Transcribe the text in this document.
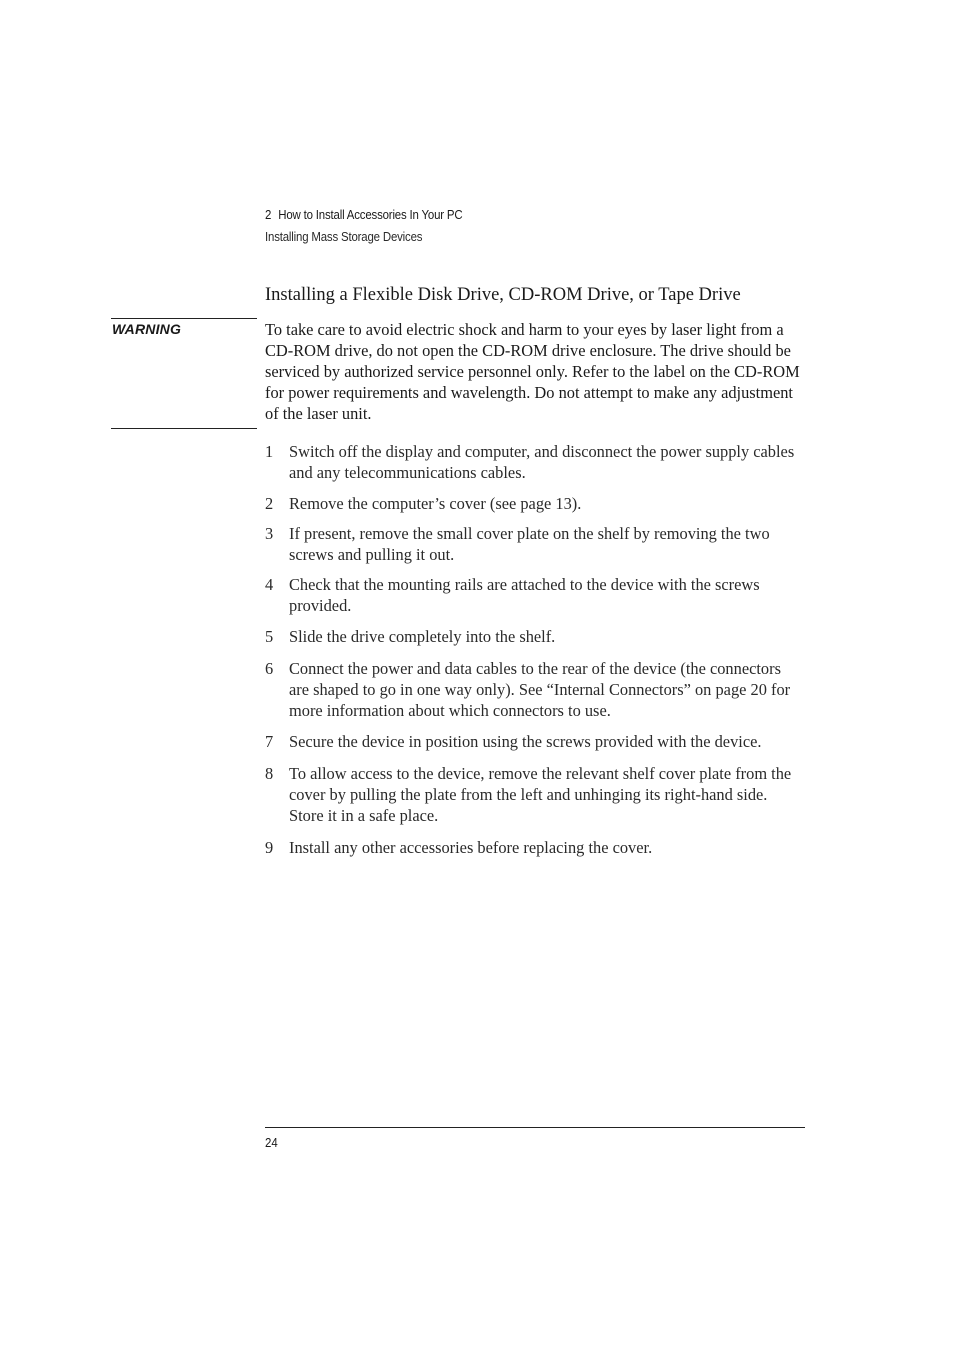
2 How to Install Accessories In Your PC
Installing Mass Storage Devices
Installing a Flexible Disk Drive, CD-ROM Drive, or Tape Drive
WARNING	To take care to avoid electric shock and harm to your eyes by laser light from a CD-ROM drive, do not open the CD-ROM drive enclosure. The drive should be serviced by authorized service personnel only. Refer to the label on the CD-ROM for power requirements and wavelength. Do not attempt to make any adjustment of the laser unit.
1 Switch off the display and computer, and disconnect the power supply cables and any telecommunications cables.
2 Remove the computer’s cover (see page 13).
3 If present, remove the small cover plate on the shelf by removing the two screws and pulling it out.
4 Check that the mounting rails are attached to the device with the screws provided.
5 Slide the drive completely into the shelf.
6 Connect the power and data cables to the rear of the device (the connectors are shaped to go in one way only). See “Internal Connectors” on page 20 for more information about which connectors to use.
7 Secure the device in position using the screws provided with the device.
8 To allow access to the device, remove the relevant shelf cover plate from the cover by pulling the plate from the left and unhinging its right-hand side. Store it in a safe place.
9 Install any other accessories before replacing the cover.
24
